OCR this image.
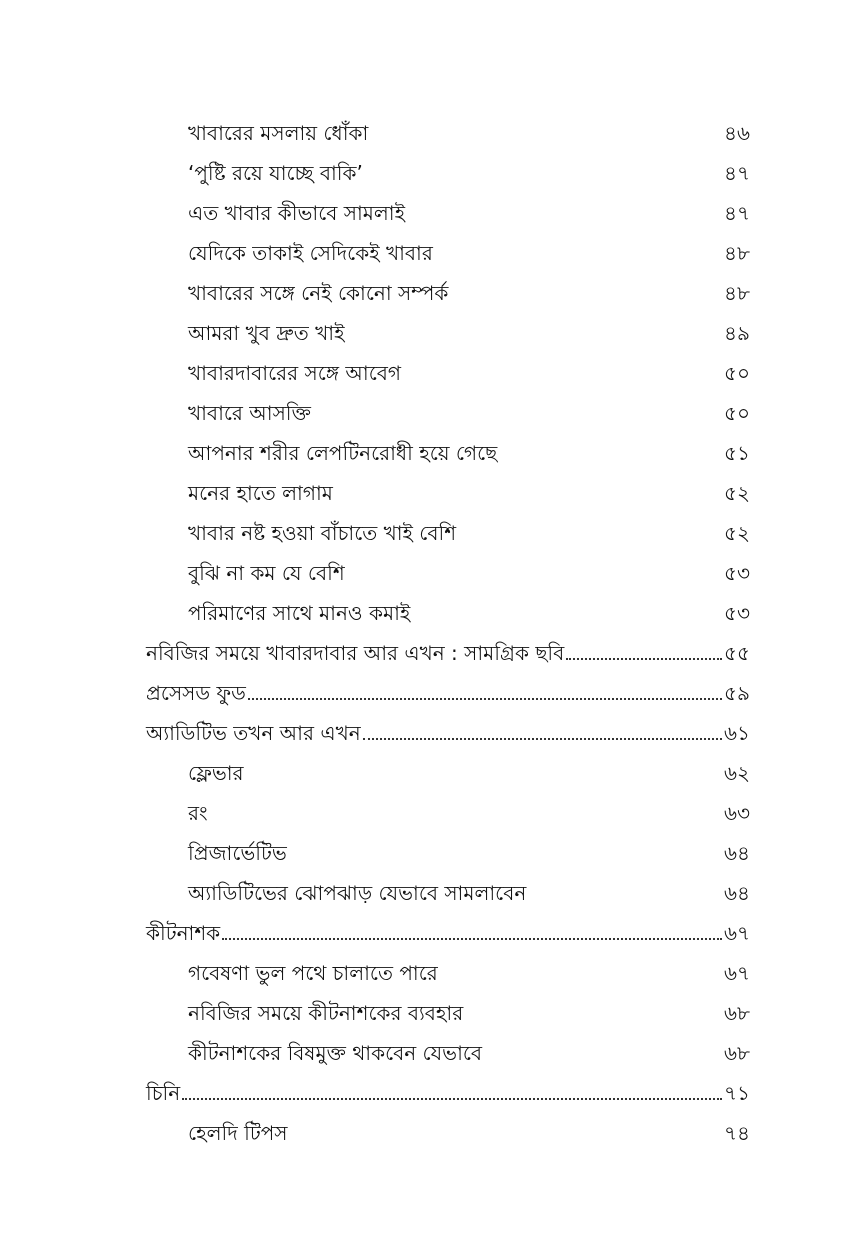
খাবারের মসলায় ধোঁকা	৪৬
‘পুষ্টি রয়ে যাচ্ছে বাকি’	৪৭
এত খাবার কীভাবে সামলাই	৪৭
যেদিকে তাকাই সেদিকেই খাবার	৪৮
খাবারের সঙ্গে নেই কোনো সম্পর্ক	৪৮
আমরা খুব দ্রুত খাই	৪৯
খাবারদাবারের সঙ্গে আবেগ	৫০
খাবারে আসক্তি	৫০
আপনার শরীর লেপটিনরোধী হয়ে গেছে	৫১
মনের হাতে লাগাম	৫২
খাবার নষ্ট হওয়া বাঁচাতে খাই বেশি	৫২
বুঝি না কম যে বেশি	৫৩
পরিমাণের সাথে মানও কমাই	৫৩
নবিজির সময়ে খাবারদাবার আর এখন : সামগ্রিক ছবি	৫৫
প্রসেসড ফুড	৫৯
অ্যাডিটিভ তখন আর এখন	৬১
ফ্লেভার	৬২
রং	৬৩
প্রিজার্ভেটিভ	৬৪
অ্যাডিটিভের ঝোপঝাড় যেভাবে সামলাবেন	৬৪
কীটনাশক	৬৭
গবেষণা ভুল পথে চালাতে পারে	৬৭
নবিজির সময়ে কীটনাশকের ব্যবহার	৬৮
কীটনাশকের বিষমুক্ত থাকবেন যেভাবে	৬৮
চিনি	৭১
হেলদি টিপস	৭৪
